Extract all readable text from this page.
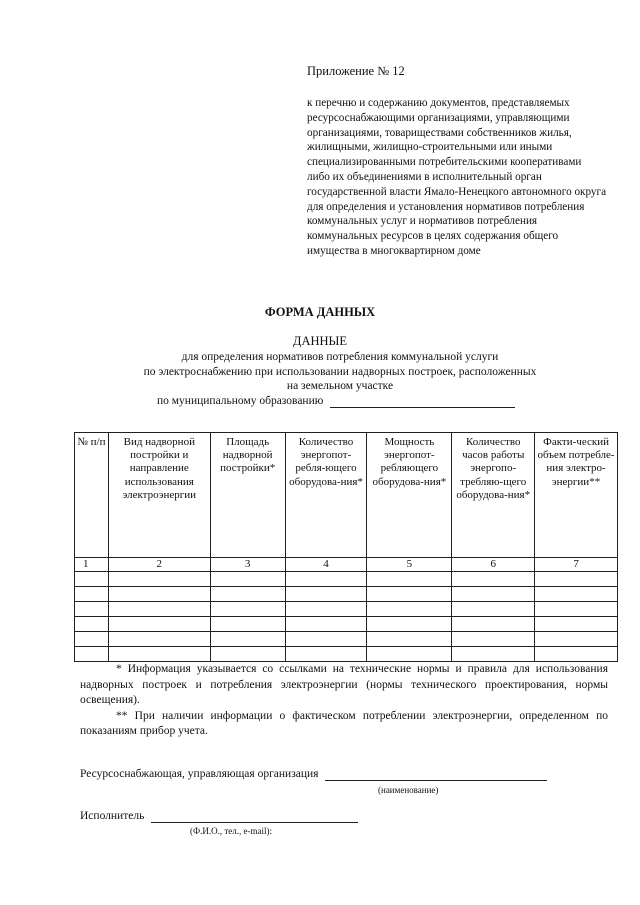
Приложение № 12
к перечню и содержанию документов, представляемых ресурсоснабжающими организациями, управляющими организациями, товариществами собственников жилья, жилищными, жилищно-строительными или иными специализированными потребительскими кооперативами либо их объединениями в исполнительный орган государственной власти Ямало-Ненецкого автономного округа для определения и установления нормативов потребления коммунальных услуг и нормативов потребления коммунальных ресурсов в целях содержания общего имущества в многоквартирном доме
ФОРМА ДАННЫХ
ДАННЫЕ
для определения нормативов потребления коммунальной услуги
по электроснабжению при использовании надворных построек, расположенных
на земельном участке
по муниципальному образованию
№ п/п	Вид надворной постройки и направление использования электроэнергии	Площадь надворной постройки*	Количество энергопот-ребля-ющего оборудова-ния*	Мощность энергопот-ребляющего оборудова-ния*	Количество часов работы энергопо-требляю-щего оборудова-ния*	Факти-ческий объем потребле-ния электро-энергии**
1	2	3	4	5	6	7

* Информация указывается со ссылками на технические нормы и правила для использования надворных построек и потребления электроэнергии (нормы технического проектирования, нормы освещения).

** При наличии информации о фактическом потреблении электроэнергии, определенном по показаниям прибор учета.

Ресурсоснабжающая, управляющая организация
(наименование)
Исполнитель
(Ф.И.О., тел., e-mail):
